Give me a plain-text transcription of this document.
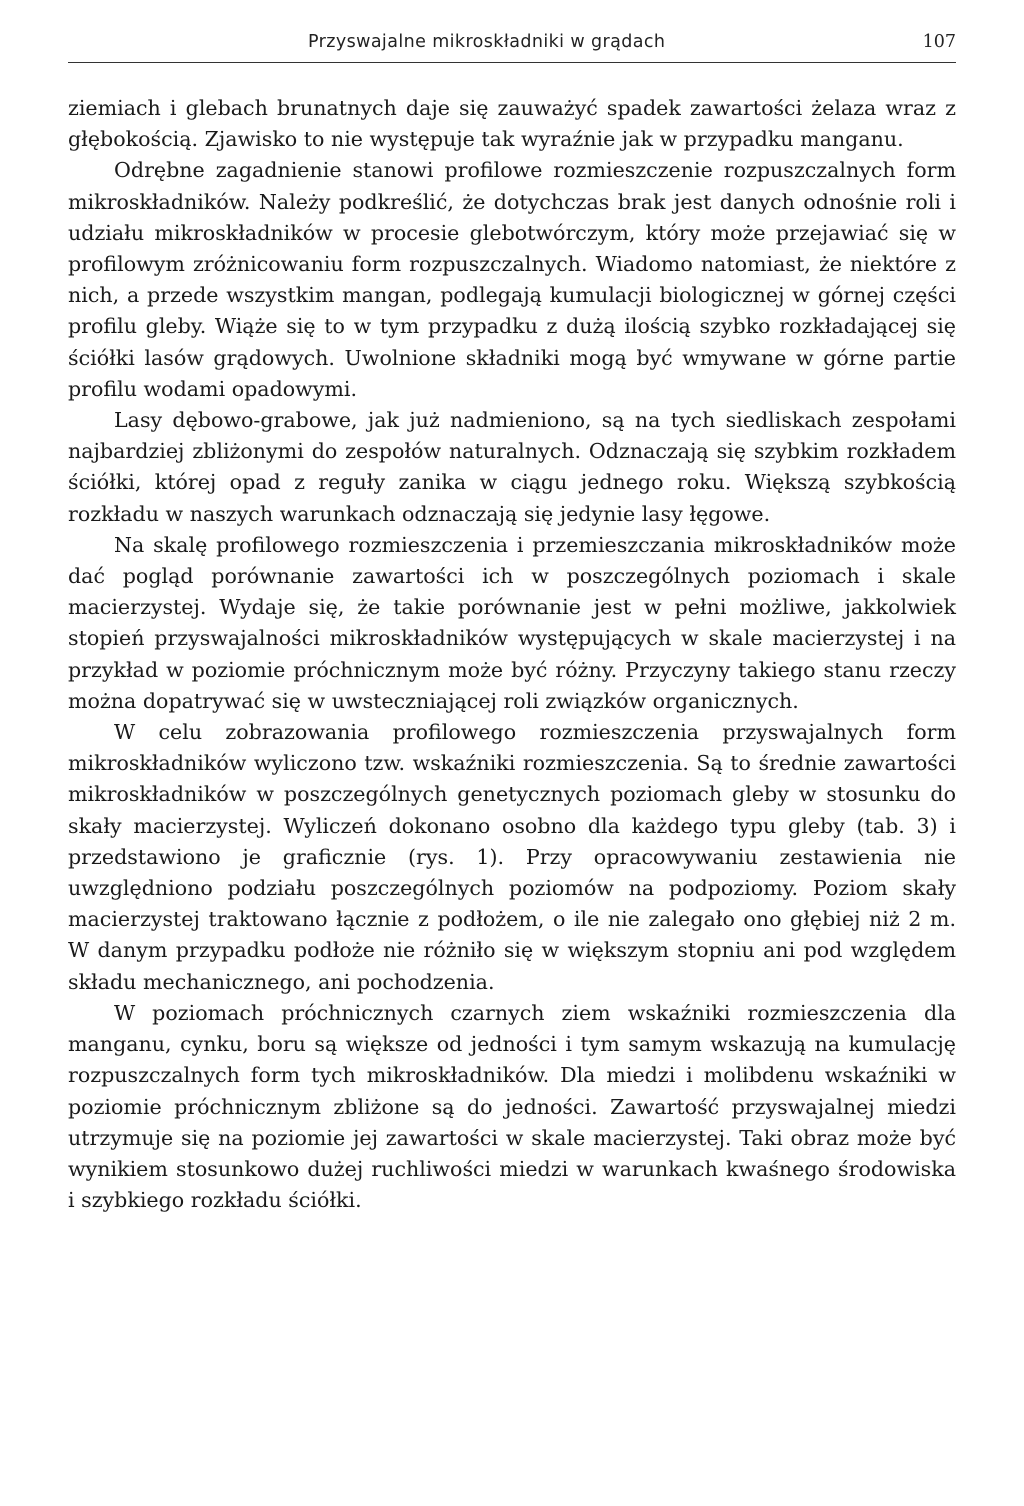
Przyswajalne mikroskładniki w grądach	107

ziemiach i glebach brunatnych daje się zauważyć spadek zawartości żelaza wraz z głębokością. Zjawisko to nie występuje tak wyraźnie jak w przypadku manganu.

Odrębne zagadnienie stanowi profilowe rozmieszczenie rozpuszczalnych form mikroskładników. Należy podkreślić, że dotychczas brak jest danych odnośnie roli i udziału mikroskładników w procesie glebotwórczym, który może przejawiać się w profilowym zróżnicowaniu form rozpuszczalnych. Wiadomo natomiast, że niektóre z nich, a przede wszystkim mangan, podlegają kumulacji biologicznej w górnej części profilu gleby. Wiąże się to w tym przypadku z dużą ilością szybko rozkładającej się ściółki lasów grądowych. Uwolnione składniki mogą być wmywane w górne partie profilu wodami opadowymi.

Lasy dębowo-grabowe, jak już nadmieniono, są na tych siedliskach zespołami najbardziej zbliżonymi do zespołów naturalnych. Odznaczają się szybkim rozkładem ściółki, której opad z reguły zanika w ciągu jednego roku. Większą szybkością rozkładu w naszych warunkach odznaczają się jedynie lasy łęgowe.

Na skalę profilowego rozmieszczenia i przemieszczania mikroskładników może dać pogląd porównanie zawartości ich w poszczególnych poziomach i skale macierzystej. Wydaje się, że takie porównanie jest w pełni możliwe, jakkolwiek stopień przyswajalności mikroskładników występujących w skale macierzystej i na przykład w poziomie próchnicznym może być różny. Przyczyny takiego stanu rzeczy można dopatrywać się w uwsteczniającej roli związków organicznych.

W celu zobrazowania profilowego rozmieszczenia przyswajalnych form mikroskładników wyliczono tzw. wskaźniki rozmieszczenia. Są to średnie zawartości mikroskładników w poszczególnych genetycznych poziomach gleby w stosunku do skały macierzystej. Wyliczeń dokonano osobno dla każdego typu gleby (tab. 3) i przedstawiono je graficznie (rys. 1). Przy opracowywaniu zestawienia nie uwzględniono podziału poszczególnych poziomów na podpoziomy. Poziom skały macierzystej traktowano łącznie z podłożem, o ile nie zalegało ono głębiej niż 2 m. W danym przypadku podłoże nie różniło się w większym stopniu ani pod względem składu mechanicznego, ani pochodzenia.

W poziomach próchnicznych czarnych ziem wskaźniki rozmieszczenia dla manganu, cynku, boru są większe od jedności i tym samym wskazują na kumulację rozpuszczalnych form tych mikroskładników. Dla miedzi i molibdenu wskaźniki w poziomie próchnicznym zbliżone są do jedności. Zawartość przyswajalnej miedzi utrzymuje się na poziomie jej zawartości w skale macierzystej. Taki obraz może być wynikiem stosunkowo dużej ruchliwości miedzi w warunkach kwaśnego środowiska i szybkiego rozkładu ściółki.
